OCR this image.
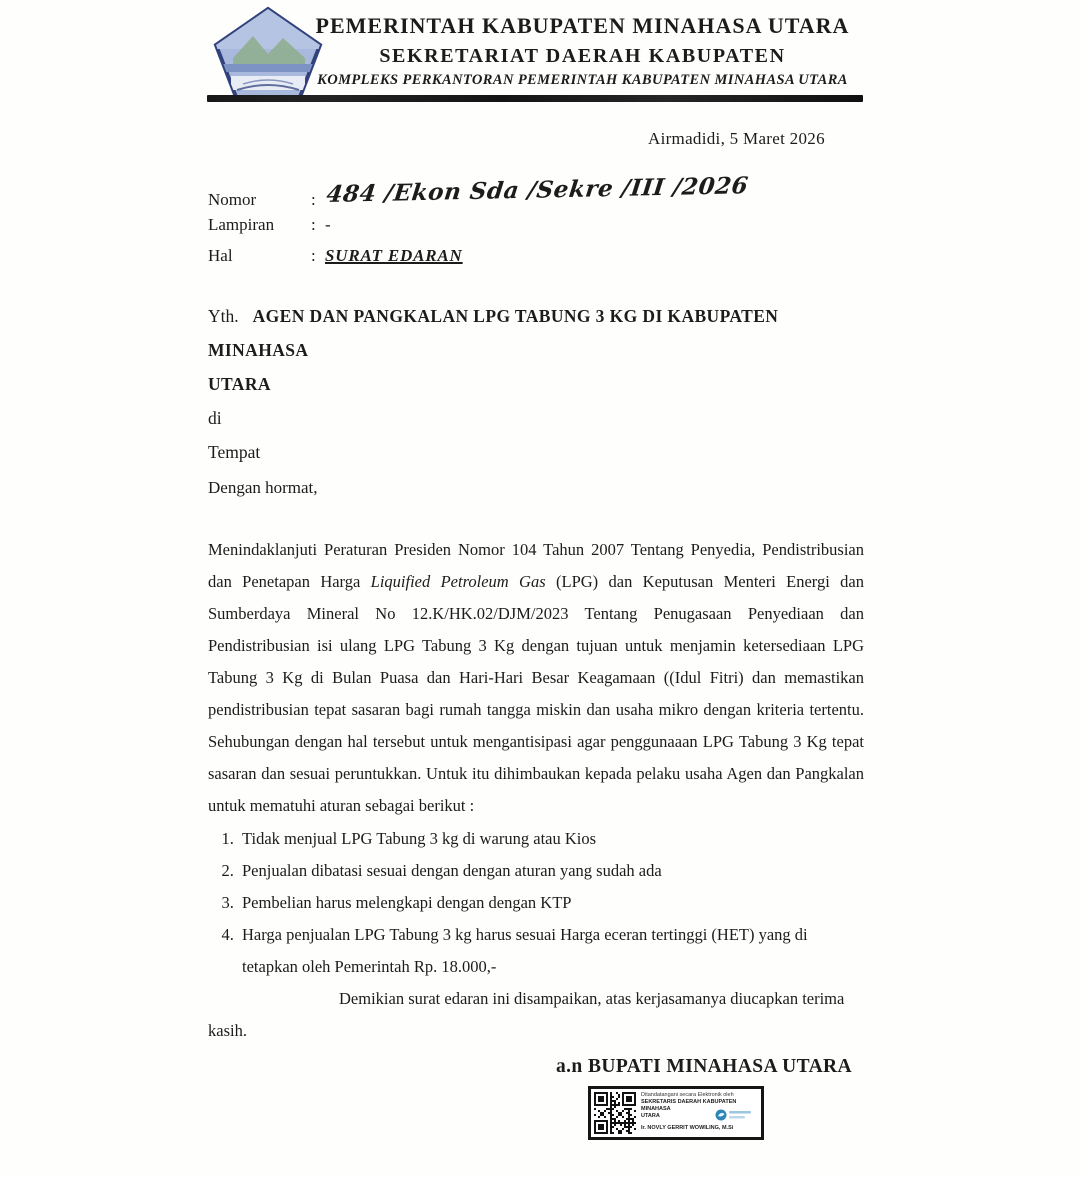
PEMERINTAH KABUPATEN MINAHASA UTARA
SEKRETARIAT DAERAH KABUPATEN
KOMPLEKS PERKANTORAN PEMERINTAH KABUPATEN MINAHASA UTARA
Airmadidi, 5 Maret 2026
Nomor	: 484 /Ekon Sda /Sekre /III /2026
Lampiran : -
Hal	: SURAT EDARAN
Yth. AGEN DAN PANGKALAN LPG TABUNG 3 KG DI KABUPATEN MINAHASA
UTARA
di
Tempat
Dengan hormat,

Menindaklanjuti Peraturan Presiden Nomor 104 Tahun 2007 Tentang Penyedia, Pendistribusian dan Penetapan Harga Liquified Petroleum Gas (LPG) dan Keputusan Menteri Energi dan Sumberdaya Mineral No 12.K/HK.02/DJM/2023 Tentang Penugasaan Penyediaan dan Pendistribusian isi ulang LPG Tabung 3 Kg dengan tujuan untuk menjamin ketersediaan LPG Tabung 3 Kg di Bulan Puasa dan Hari-Hari Besar Keagamaan ((Idul Fitri) dan memastikan pendistribusian tepat sasaran bagi rumah tangga miskin dan usaha mikro dengan kriteria tertentu. Sehubungan dengan hal tersebut untuk mengantisipasi agar penggunaaan LPG Tabung 3 Kg tepat sasaran dan sesuai peruntukkan. Untuk itu dihimbaukan kepada pelaku usaha Agen dan Pangkalan untuk mematuhi aturan sebagai berikut :

1. Tidak menjual LPG Tabung 3 kg di warung atau Kios
2. Penjualan dibatasi sesuai dengan dengan aturan yang sudah ada
3. Pembelian harus melengkapi dengan dengan KTP
4. Harga penjualan LPG Tabung 3 kg harus sesuai Harga eceran tertinggi (HET) yang di tetapkan oleh Pemerintah Rp. 18.000,-

Demikian surat edaran ini disampaikan, atas kerjasamanya diucapkan terima kasih.

a.n BUPATI MINAHASA UTARA
Ditandatangani secara Elektronik oleh
SEKRETARIS DAERAH KABUPATEN MINAHASA
UTARA
Ir. NOVLY GERRIT WOWILING, M.Si
